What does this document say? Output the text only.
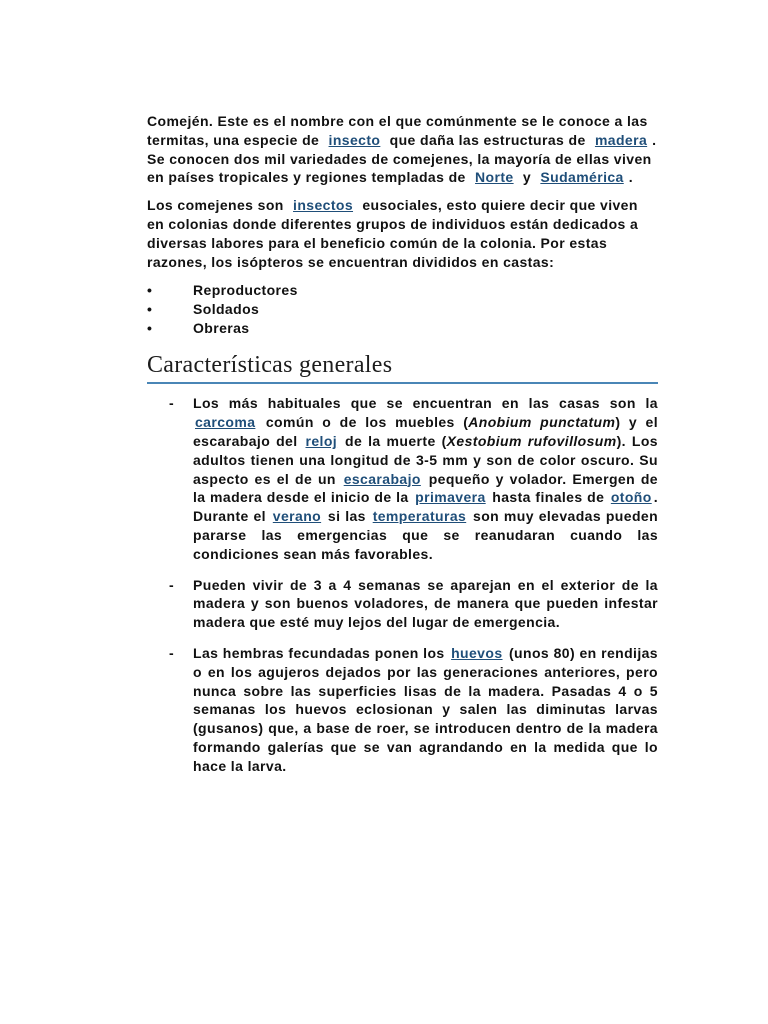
Comején. Este es el nombre con el que comúnmente se le conoce a las termitas, una especie de insecto que daña las estructuras de madera . Se conocen dos mil variedades de comejenes, la mayoría de ellas viven en países tropicales y regiones templadas de Norte y Sudamérica .

Los comejenes son insectos eusociales, esto quiere decir que viven en colonias donde diferentes grupos de individuos están dedicados a diversas labores para el beneficio común de la colonia. Por estas razones, los isópteros se encuentran divididos en castas:

•	Reproductores
•	Soldados
•	Obreras
Características generales
- Los más habituales que se encuentran en las casas son la carcoma común o de los muebles (Anobium punctatum) y el escarabajo del reloj de la muerte (Xestobium rufovillosum). Los adultos tienen una longitud de 3-5 mm y son de color oscuro. Su aspecto es el de un escarabajo pequeño y volador. Emergen de la madera desde el inicio de la primavera hasta finales de otoño . Durante el verano si las temperaturas son muy elevadas pueden pararse las emergencias que se reanudaran cuando las condiciones sean más favorables.

- Pueden vivir de 3 a 4 semanas se aparejan en el exterior de la madera y son buenos voladores, de manera que pueden infestar madera que esté muy lejos del lugar de emergencia.

- Las hembras fecundadas ponen los huevos (unos 80) en rendijas o en los agujeros dejados por las generaciones anteriores, pero nunca sobre las superficies lisas de la madera. Pasadas 4 o 5 semanas los huevos eclosionan y salen las diminutas larvas (gusanos) que, a base de roer, se introducen dentro de la madera formando galerías que se van agrandando en la medida que lo hace la larva.
